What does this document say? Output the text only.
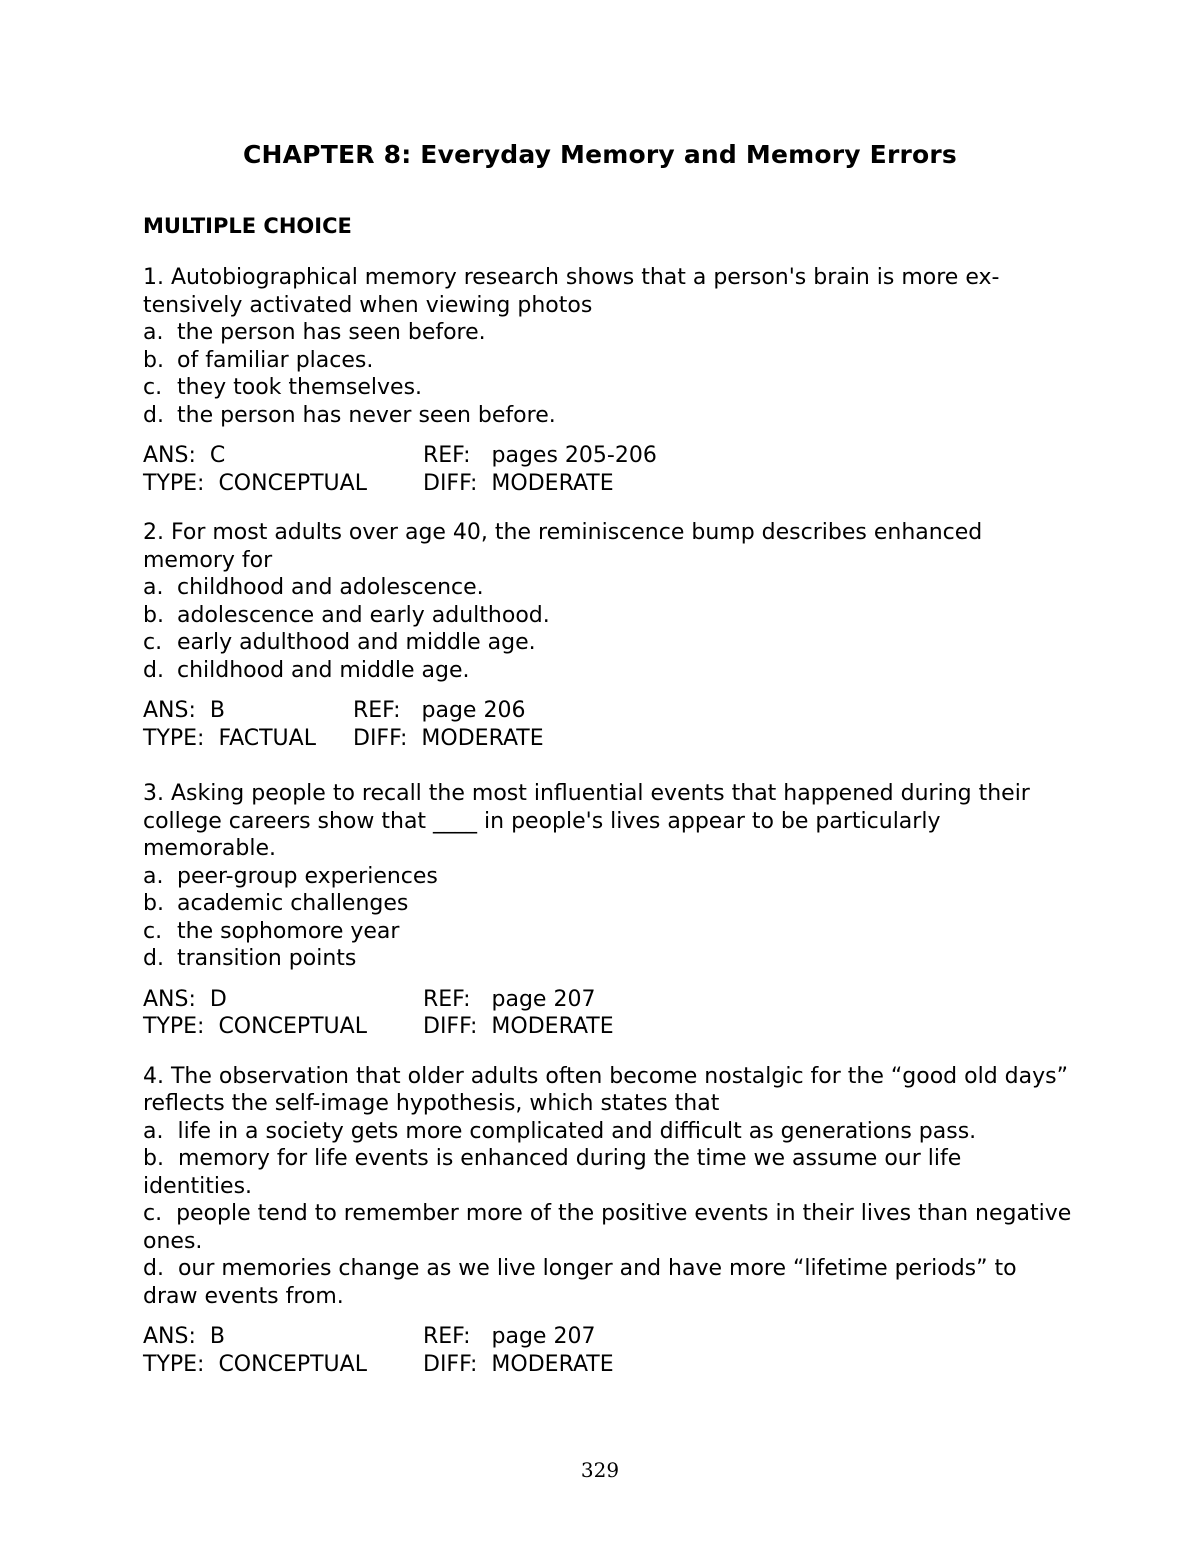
CHAPTER 8: Everyday Memory and Memory Errors
MULTIPLE CHOICE

1. Autobiographical memory research shows that a person's brain is more ex-tensively activated when viewing photos

a. the person has seen before.
b. of familiar places.
c. they took themselves.
d. the person has never seen before.
ANS:  C	REF:   pages 205-206
TYPE:  CONCEPTUAL	DIFF:  MODERATE

2. For most adults over age 40, the reminiscence bump describes enhanced memory for

a. childhood and adolescence.
b. adolescence and early adulthood.
c. early adulthood and middle age.
d. childhood and middle age.
ANS:  B	REF:   page 206
TYPE:  FACTUAL	DIFF:  MODERATE

3. Asking people to recall the most influential events that happened during their college careers show that ____ in people's lives appear to be particularly memorable.

a. peer-group experiences
b. academic challenges
c. the sophomore year
d. transition points
ANS:  D	REF:   page 207
TYPE:  CONCEPTUAL	DIFF:  MODERATE

4. The observation that older adults often become nostalgic for the “good old days” reflects the self-image hypothesis, which states that

a. life in a society gets more complicated and difficult as generations pass.
b. memory for life events is enhanced during the time we assume our life identities.
c. people tend to remember more of the positive events in their lives than negative ones.
d. our memories change as we live longer and have more “lifetime periods” to draw events from.
ANS:  B	REF:   page 207
TYPE:  CONCEPTUAL	DIFF:  MODERATE
329
